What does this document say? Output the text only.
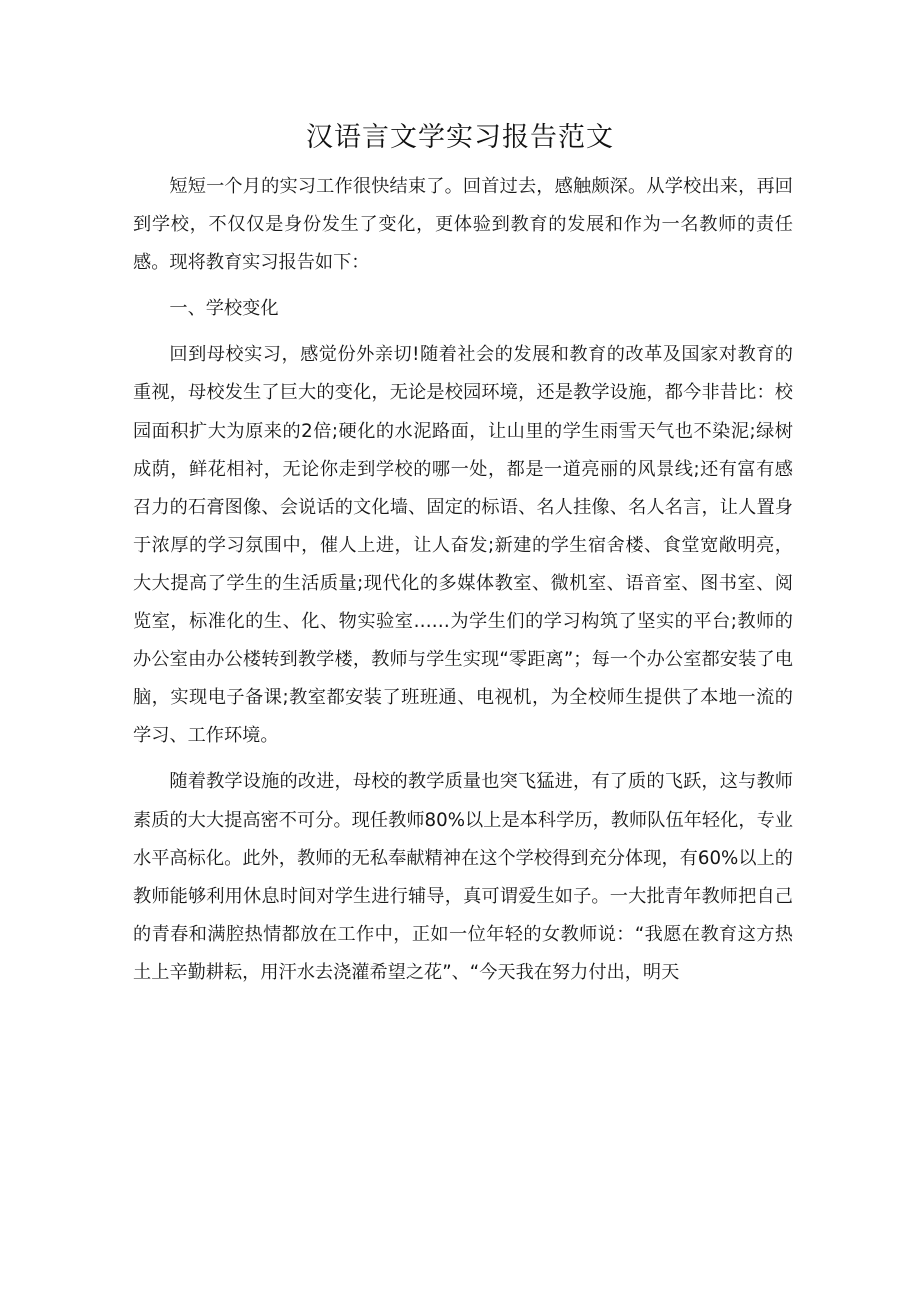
汉语言文学实习报告范文

短短一个月的实习工作很快结束了。回首过去，感触颇深。从学校出来，再回到学校，不仅仅是身份发生了变化，更体验到教育的发展和作为一名教师的责任感。现将教育实习报告如下：

一、学校变化

回到母校实习，感觉份外亲切!随着社会的发展和教育的改革及国家对教育的重视，母校发生了巨大的变化，无论是校园环境，还是教学设施，都今非昔比：校园面积扩大为原来的2倍;硬化的水泥路面，让山里的学生雨雪天气也不染泥;绿树成荫，鲜花相衬，无论你走到学校的哪一处，都是一道亮丽的风景线;还有富有感召力的石膏图像、会说话的文化墙、固定的标语、名人挂像、名人名言，让人置身于浓厚的学习氛围中，催人上进，让人奋发;新建的学生宿舍楼、食堂宽敞明亮，大大提高了学生的生活质量;现代化的多媒体教室、微机室、语音室、图书室、阅览室，标准化的生、化、物实验室……为学生们的学习构筑了坚实的平台;教师的办公室由办公楼转到教学楼，教师与学生实现“零距离”；每一个办公室都安装了电脑，实现电子备课;教室都安装了班班通、电视机，为全校师生提供了本地一流的学习、工作环境。

随着教学设施的改进，母校的教学质量也突飞猛进，有了质的飞跃，这与教师素质的大大提高密不可分。现任教师80%以上是本科学历，教师队伍年轻化，专业水平高标化。此外，教师的无私奉献精神在这个学校得到充分体现，有60%以上的教师能够利用休息时间对学生进行辅导，真可谓爱生如子。一大批青年教师把自己的青春和满腔热情都放在工作中，正如一位年轻的女教师说：“我愿在教育这方热土上辛勤耕耘，用汗水去浇灌希望之花”、“今天我在努力付出，明天
